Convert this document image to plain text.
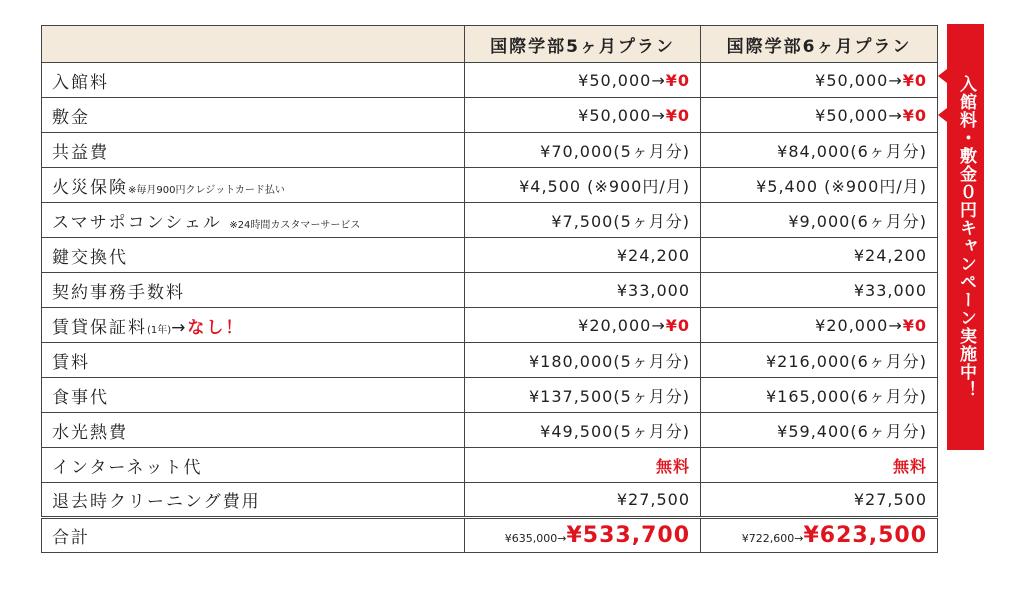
	国際学部5ヶ月プラン	国際学部6ヶ月プラン
入館料	¥50,000→¥0	¥50,000→¥0
敷金	¥50,000→¥0	¥50,000→¥0
共益費	¥70,000(5ヶ月分)	¥84,000(6ヶ月分)
火災保険※毎月900円クレジットカード払い	¥4,500 (※900円/月)	¥5,400 (※900円/月)
スマサポコンシェル ※24時間カスタマーサービス	¥7,500(5ヶ月分)	¥9,000(6ヶ月分)
鍵交換代	¥24,200	¥24,200
契約事務手数料	¥33,000	¥33,000
賃貸保証料(1年)→なし！	¥20,000→¥0	¥20,000→¥0
賃料	¥180,000(5ヶ月分)	¥216,000(6ヶ月分)
食事代	¥137,500(5ヶ月分)	¥165,000(6ヶ月分)
水光熱費	¥49,500(5ヶ月分)	¥59,400(6ヶ月分)
インターネット代	無料	無料
退去時クリーニング費用	¥27,500	¥27,500
合計	¥635,000→¥533,700	¥722,600→¥623,500
入館料・敷金０円キャンペーン実施中！
